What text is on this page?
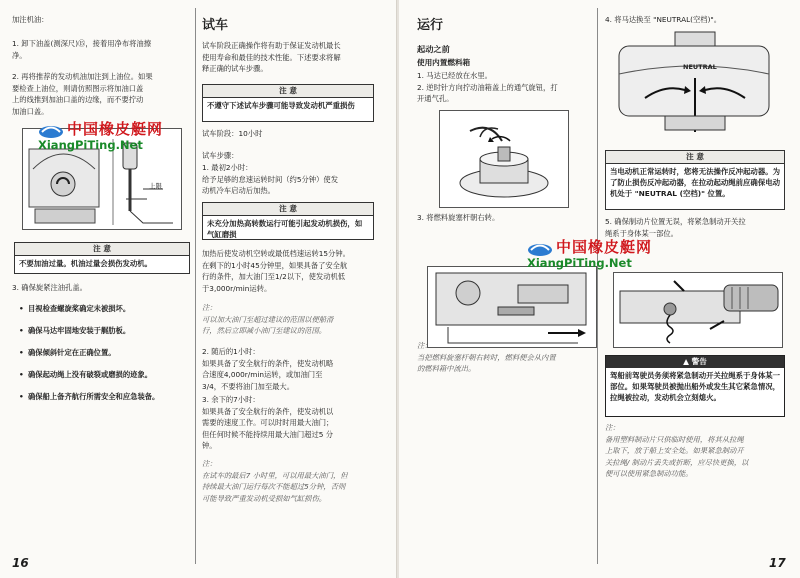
加注机油：
1. 卸下油盖(测深尺)⑮，接着用净布将油擦
净。
2. 再将推荐的发动机油加注到上油位。如果
要检查上油位，则请仿照图示将加油口盖
上的线推到加油口盖的边缘，而不要拧动
加油口盖。
上限
注 意
不要加油过量。机油过量会损伤发动机。
3. 确保旋紧注油孔盖。
• 目视检查螺旋桨确定未被损坏。
• 确保马达牢固地安装于艉肋板。
• 确保倾斜针定在正确位置。
• 确保起动绳上没有破裂或磨损的迹象。
• 确保船上备齐航行所需安全和应急装备。
试车
试车阶段正确操作将有助于保证发动机最长
使用寿命和最佳的技术性能。下述要求将解
释正确的试车步骤。
注 意
不遵守下述试车步骤可能导致发动机严重损伤
试车阶段：10小时
试车步骤：
1. 最初2小时：
给予足够的怠速运转时间（约5分钟）使发
动机冷车启动后加热。
注 意
未充分加热高转数运行可能引起发动机损伤，如气缸磨损
加热后使发动机空转或最低档速运转15分钟。
在剩下的1小时45分钟里，如果具备了安全航
行的条件，加大油门至1/2以下，使发动机低
于3,000r/min运转。
注：
可以加大油门至超过建议的范围以便船滑
行，然后立即减小油门至建议的范围。
2. 随后的1小时：
如果具备了安全航行的条件，使发动机略
合速度4,000r/min运转，或加油门至
3/4，不要将油门加至最大。
3. 余下的7小时：
如果具备了安全航行的条件，使发动机以
需要的速度工作。可以时时用最大油门；
但任何时候不能持续用最大油门超过5 分
钟。
注：
在试车的最后7 小时里，可以用最大油门，但
持续最大油门运行每次不能超过5分钟，否则
可能导致严重发动机受损如气缸损伤。
16
中国橡皮艇网
XiangPiTing.Net
运行
起动之前
使用内置燃料箱
1. 马达已经放在水里。
2. 逆时针方向拧动油箱盖上的通气旋钮，打
开通气孔。
3. 将燃料旋塞杆朝右转。
注：
当把燃料旋塞杆朝右转时，燃料便会从内置
的燃料箱中流出。
4. 将马达换至 "NEUTRAL(空档)"。
NEUTRAL
注 意
当电动机正常运转时，您将无法操作反冲起动器。为了防止损伤反冲起动器，在拉动起动绳前应确保电动机处于 "NEUTRAL (空档)" 位置。
5. 确保制动片位置无误，将紧急制动开关拉
绳系于身体某一部位。
▲ 警告
驾船前驾驶员务须将紧急制动开关拉绳系于身体某一部位。如果驾驶员被抛出船外或发生其它紧急情况，拉绳被拉动，发动机会立刻熄火。
注：
备用塑料制动片只供临时使用，将其从拉绳
上取下，放于船上安全处。如果紧急制动开
关拉绳/ 制动片丢失或折断，应尽快更换，以
便可以使用紧急制动功能。
17
中国橡皮艇网
XiangPiTing.Net
